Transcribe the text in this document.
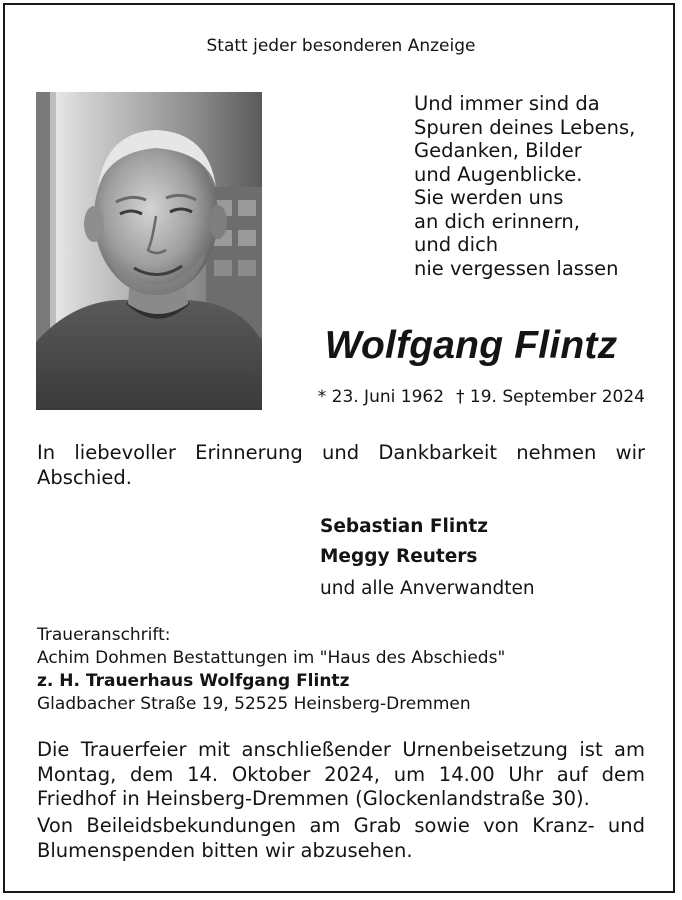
Statt jeder besonderen Anzeige
Und immer sind da
Spuren deines Lebens,
Gedanken, Bilder
und Augenblicke.
Sie werden uns
an dich erinnern,
und dich
nie vergessen lassen
Wolfgang Flintz
* 23. Juni 1962 † 19. September 2024
In liebevoller Erinnerung und Dankbarkeit nehmen wir
Abschied.
Sebastian Flintz
Meggy Reuters
und alle Anverwandten
Traueranschrift:
Achim Dohmen Bestattungen im "Haus des Abschieds"
z. H. Trauerhaus Wolfgang Flintz
Gladbacher Straße 19, 52525 Heinsberg-Dremmen
Die Trauerfeier mit anschließender Urnenbeisetzung ist am
Montag, dem 14. Oktober 2024, um 14.00 Uhr auf dem
Friedhof in Heinsberg-Dremmen (Glockenlandstraße 30).
Von Beileidsbekundungen am Grab sowie von Kranz- und
Blumenspenden bitten wir abzusehen.
